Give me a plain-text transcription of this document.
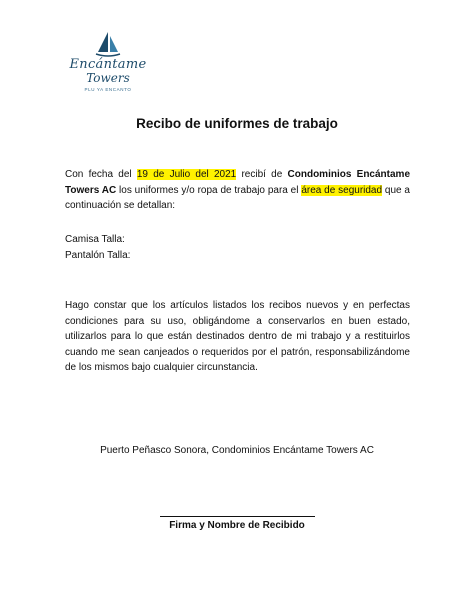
Encántame
Towers
PLU YA ENCANTO
Recibo de uniformes de trabajo
Con fecha del 19 de Julio del 2021 recibí de Condominios Encántame Towers AC los uniformes y/o ropa de trabajo para el área de seguridad que a continuación se detallan:
Camisa Talla:
Pantalón Talla:
Hago constar que los artículos listados los recibos nuevos y en perfectas condiciones para su uso, obligándome a conservarlos en buen estado, utilizarlos para lo que están destinados dentro de mi trabajo y a restituirlos cuando me sean canjeados o requeridos por el patrón, responsabilizándome de los mismos bajo cualquier circunstancia.
Puerto Peñasco Sonora, Condominios Encántame Towers AC
Firma y Nombre de Recibido
